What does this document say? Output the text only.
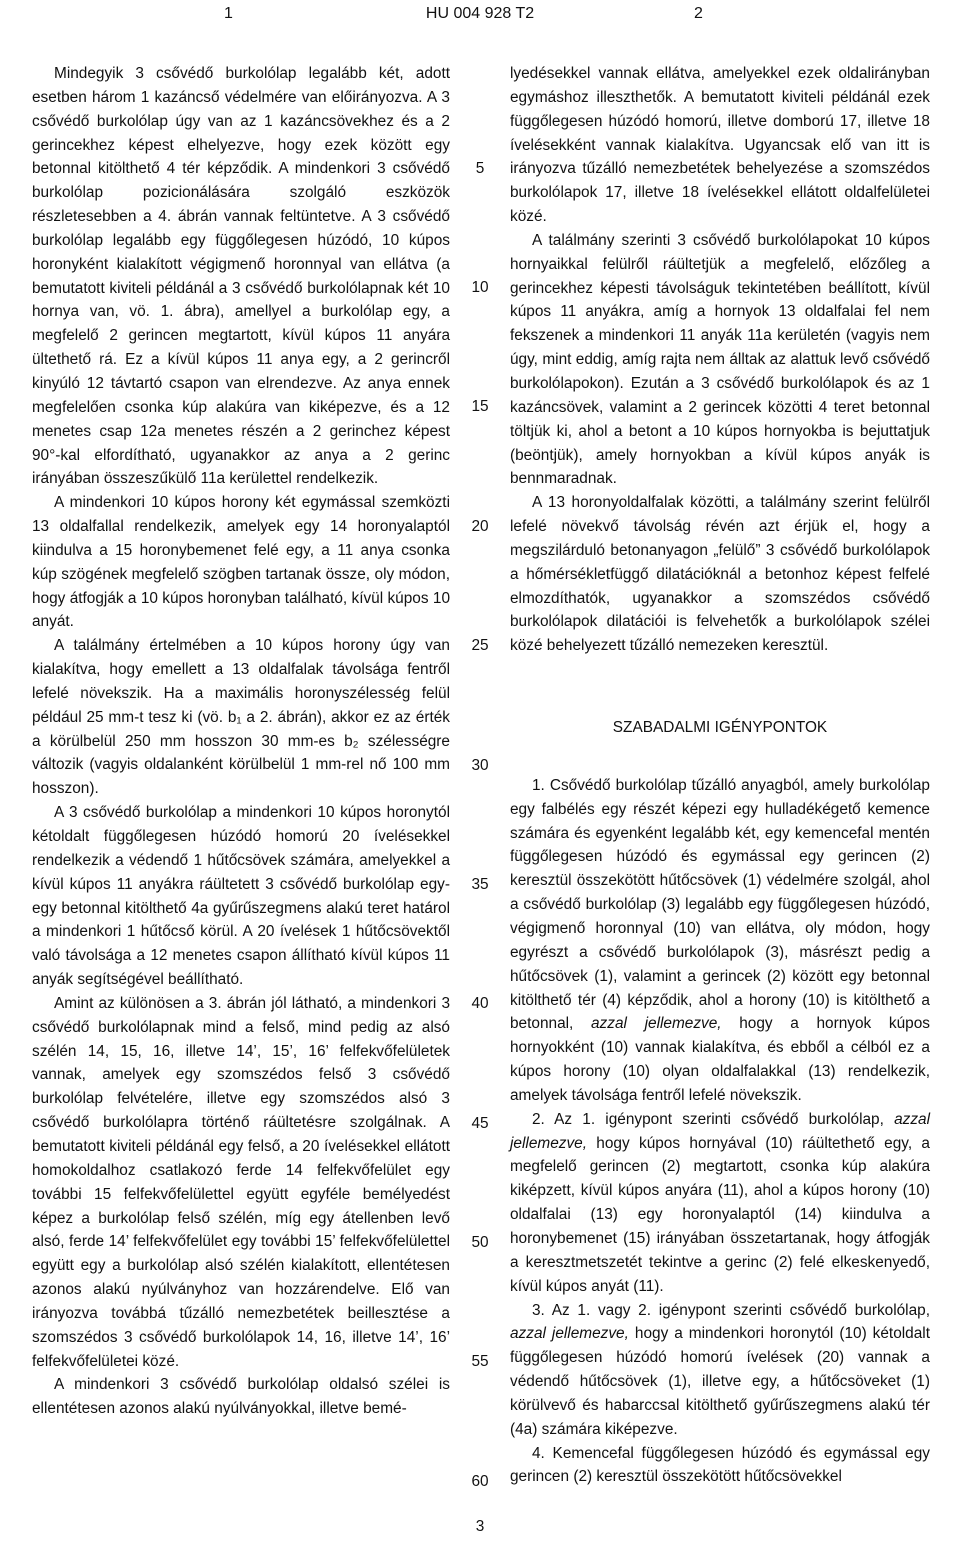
1	HU 004 928 T2	2

Mindegyik 3 csővédő burkolólap legalább két, adott esetben három 1 kazáncső védelmére van előirányozva. A 3 csővédő burkolólap úgy van az 1 kazáncsövekhez és a 2 gerincekhez képest elhelyezve, hogy ezek között egy betonnal kitölthető 4 tér képződik. A mindenkori 3 csővédő burkolólap pozicionálására szolgáló eszközök részletesebben a 4. ábrán vannak feltüntetve. A 3 csővédő burkolólap legalább egy függőlegesen húzódó, 10 kúpos horonyként kialakított végigmenő horonnyal van ellátva (a bemutatott kiviteli példánál a 3 csővédő burkolólapnak két 10 hornya van, vö. 1. ábra), amellyel a burkolólap egy, a megfelelő 2 gerincen megtartott, kívül kúpos 11 anyára ültethető rá. Ez a kívül kúpos 11 anya egy, a 2 gerincről kinyúló 12 távtartó csapon van elrendezve. Az anya ennek megfelelően csonka kúp alakúra van kiképezve, és a 12 menetes csap 12a menetes részén a 2 gerinchez képest 90°-kal elfordítható, ugyanakkor az anya a 2 gerinc irányában összeszűkülő 11a kerülettel rendelkezik.

A mindenkori 10 kúpos horony két egymással szemközti 13 oldalfallal rendelkezik, amelyek egy 14 horonyalaptól kiindulva a 15 horonybemenet felé egy, a 11 anya csonka kúp szögének megfelelő szögben tartanak össze, oly módon, hogy átfogják a 10 kúpos horonyban található, kívül kúpos 10 anyát.

A találmány értelmében a 10 kúpos horony úgy van kialakítva, hogy emellett a 13 oldalfalak távolsága fentről lefelé növekszik. Ha a maximális horonyszélesség felül például 25 mm-t tesz ki (vö. b₁ a 2. ábrán), akkor ez az érték a körülbelül 250 mm hosszon 30 mm-es b₂ szélességre változik (vagyis oldalanként körülbelül 1 mm-rel nő 100 mm hosszon).

A 3 csővédő burkolólap a mindenkori 10 kúpos horonytól kétoldalt függőlegesen húzódó homorú 20 ívelésekkel rendelkezik a védendő 1 hűtőcsövek számára, amelyekkel a kívül kúpos 11 anyákra ráültetett 3 csővédő burkolólap egy-egy betonnal kitölthető 4a gyűrűszegmens alakú teret határol a mindenkori 1 hűtőcső körül. A 20 ívelések 1 hűtőcsövektől való távolsága a 12 menetes csapon állítható kívül kúpos 11 anyák segítségével beállítható.

Amint az különösen a 3. ábrán jól látható, a mindenkori 3 csővédő burkolólapnak mind a felső, mind pedig az alsó szélén 14, 15, 16, illetve 14’, 15’, 16’ felfekvőfelületek vannak, amelyek egy szomszédos felső 3 csővédő burkolólap felvételére, illetve egy szomszédos alsó 3 csővédő burkolólapra történő ráültetésre szolgálnak. A bemutatott kiviteli példánál egy felső, a 20 ívelésekkel ellátott homokoldalhoz csatlakozó ferde 14 felfekvőfelület egy további 15 felfekvőfelülettel együtt egyféle bemélyedést képez a burkolólap felső szélén, míg egy átellenben levő alsó, ferde 14’ felfekvőfelület egy további 15’ felfekvőfelülettel együtt egy a burkolólap alsó szélén kialakított, ellentétesen azonos alakú nyúlványhoz van hozzárendelve. Elő van irányozva továbbá tűzálló nemezbetétek beillesztése a szomszédos 3 csővédő burkolólapok 14, 16, illetve 14’, 16’ felfekvőfelületei közé.

A mindenkori 3 csővédő burkolólap oldalsó szélei is ellentétesen azonos alakú nyúlványokkal, illetve bemé-

5
10
15
20
25
30
35
40
45
50
55
60

lyedésekkel vannak ellátva, amelyekkel ezek oldalirányban egymáshoz illeszthetők. A bemutatott kiviteli példánál ezek függőlegesen húzódó homorú, illetve domború 17, illetve 18 ívelésekként vannak kialakítva. Ugyancsak elő van itt is irányozva tűzálló nemezbetétek behelyezése a szomszédos burkolólapok 17, illetve 18 ívelésekkel ellátott oldalfelületei közé.

A találmány szerinti 3 csővédő burkolólapokat 10 kúpos hornyaikkal felülről ráültetjük a megfelelő, előzőleg a gerincekhez képesti távolságuk tekintetében beállított, kívül kúpos 11 anyákra, amíg a hornyok 13 oldalfalai fel nem fekszenek a mindenkori 11 anyák 11a kerületén (vagyis nem úgy, mint eddig, amíg rajta nem álltak az alattuk levő csővédő burkolólapokon). Ezután a 3 csővédő burkolólapok és az 1 kazáncsövek, valamint a 2 gerincek közötti 4 teret betonnal töltjük ki, ahol a betont a 10 kúpos hornyokba is bejuttatjuk (beöntjük), amely hornyokban a kívül kúpos anyák is bennmaradnak.

A 13 horonyoldalfalak közötti, a találmány szerint felülről lefelé növekvő távolság révén azt érjük el, hogy a megszilárduló betonanyagon „felülő” 3 csővédő burkolólapok a hőmérsékletfüggő dilatációknál a betonhoz képest felfelé elmozdíthatók, ugyanakkor a szomszédos csővédő burkolólapok dilatációi is felvehetők a burkolólapok szélei közé behelyezett tűzálló nemezeken keresztül.

SZABADALMI IGÉNYPONTOK

1. Csővédő burkolólap tűzálló anyagból, amely burkolólap egy falbélés egy részét képezi egy hulladékégető kemence számára és egyenként legalább két, egy kemencefal mentén függőlegesen húzódó és egymással egy gerincen (2) keresztül összekötött hűtőcsövek (1) védelmére szolgál, ahol a csővédő burkolólap (3) legalább egy függőlegesen húzódó, végigmenő horonnyal (10) van ellátva, oly módon, hogy egyrészt a csővédő burkolólapok (3), másrészt pedig a hűtőcsövek (1), valamint a gerincek (2) között egy betonnal kitölthető tér (4) képződik, ahol a horony (10) is kitölthető a betonnal, azzal jellemezve, hogy a hornyok kúpos hornyokként (10) vannak kialakítva, és ebből a célból ez a kúpos horony (10) olyan oldalfalakkal (13) rendelkezik, amelyek távolsága fentről lefelé növekszik.

2. Az 1. igénypont szerinti csővédő burkolólap, azzal jellemezve, hogy kúpos hornyával (10) ráültethető egy, a megfelelő gerincen (2) megtartott, csonka kúp alakúra kiképzett, kívül kúpos anyára (11), ahol a kúpos horony (10) oldalfalai (13) egy horonyalaptól (14) kiindulva a horonybemenet (15) irányában összetartanak, hogy átfogják a keresztmetszetét tekintve a gerinc (2) felé elkeskenyedő, kívül kúpos anyát (11).

3. Az 1. vagy 2. igénypont szerinti csővédő burkolólap, azzal jellemezve, hogy a mindenkori horonytól (10) kétoldalt függőlegesen húzódó homorú ívelések (20) vannak a védendő hűtőcsövek (1), illetve egy, a hűtőcsöveket (1) körülvevő és habarccsal kitölthető gyűrűszegmens alakú tér (4a) számára kiképezve.

4. Kemencefal függőlegesen húzódó és egymással egy gerincen (2) keresztül összekötött hűtőcsövekkel

3
